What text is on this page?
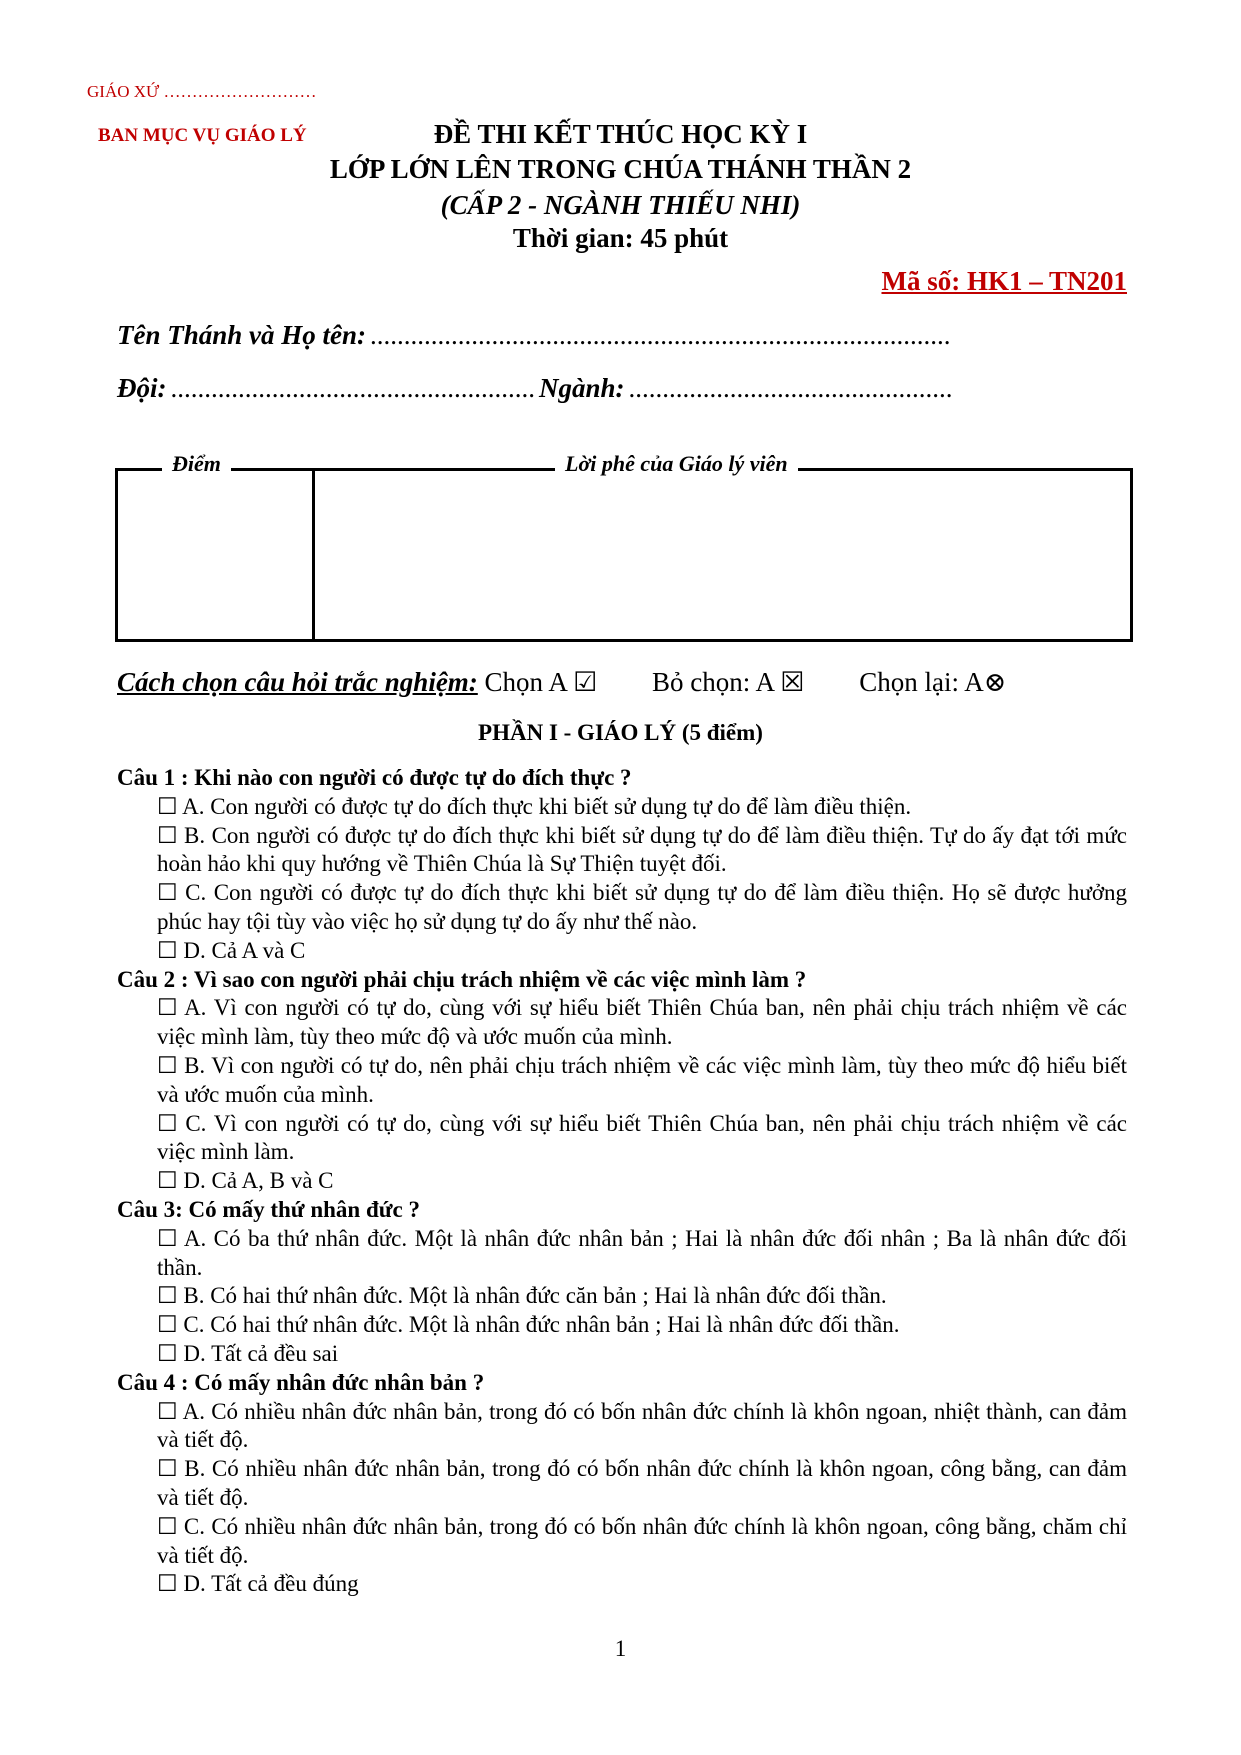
GIÁO XỨ ………………………
BAN MỤC VỤ GIÁO LÝ	ĐỀ THI KẾT THÚC HỌC KỲ I
LỚP LỚN LÊN TRONG CHÚA THÁNH THẦN 2
(CẤP 2 - NGÀNH THIẾU NHI)
Thời gian: 45 phút
Mã số: HK1 – TN201
Tên Thánh và Họ tên: ......................................................................................
Đội: ...................................................... Ngành: ................................................
Điểm	Lời phê của Giáo lý viên
Cách chọn câu hỏi trắc nghiệm: Chọn A ☑ Bỏ chọn: A ☒ Chọn lại: A⊗
PHẦN I - GIÁO LÝ (5 điểm)
Câu 1 : Khi nào con người có được tự do đích thực ?
☐ A. Con người có được tự do đích thực khi biết sử dụng tự do để làm điều thiện.
☐ B. Con người có được tự do đích thực khi biết sử dụng tự do để làm điều thiện. Tự do ấy đạt tới mức hoàn hảo khi quy hướng về Thiên Chúa là Sự Thiện tuyệt đối.
☐ C. Con người có được tự do đích thực khi biết sử dụng tự do để làm điều thiện. Họ sẽ được hưởng phúc hay tội tùy vào việc họ sử dụng tự do ấy như thế nào.
☐ D. Cả A và C
Câu 2 : Vì sao con người phải chịu trách nhiệm về các việc mình làm ?
☐ A. Vì con người có tự do, cùng với sự hiểu biết Thiên Chúa ban, nên phải chịu trách nhiệm về các việc mình làm, tùy theo mức độ và ước muốn của mình.
☐ B. Vì con người có tự do, nên phải chịu trách nhiệm về các việc mình làm, tùy theo mức độ hiểu biết và ước muốn của mình.
☐ C. Vì con người có tự do, cùng với sự hiểu biết Thiên Chúa ban, nên phải chịu trách nhiệm về các việc mình làm.
☐ D. Cả A, B và C
Câu 3: Có mấy thứ nhân đức ?
☐ A. Có ba thứ nhân đức. Một là nhân đức nhân bản ; Hai là nhân đức đối nhân ; Ba là nhân đức đối thần.
☐ B. Có hai thứ nhân đức. Một là nhân đức căn bản ; Hai là nhân đức đối thần.
☐ C. Có hai thứ nhân đức. Một là nhân đức nhân bản ; Hai là nhân đức đối thần.
☐ D. Tất cả đều sai
Câu 4 : Có mấy nhân đức nhân bản ?
☐ A. Có nhiều nhân đức nhân bản, trong đó có bốn nhân đức chính là khôn ngoan, nhiệt thành, can đảm và tiết độ.
☐ B. Có nhiều nhân đức nhân bản, trong đó có bốn nhân đức chính là khôn ngoan, công bằng, can đảm và tiết độ.
☐ C. Có nhiều nhân đức nhân bản, trong đó có bốn nhân đức chính là khôn ngoan, công bằng, chăm chỉ và tiết độ.
☐ D. Tất cả đều đúng
1
